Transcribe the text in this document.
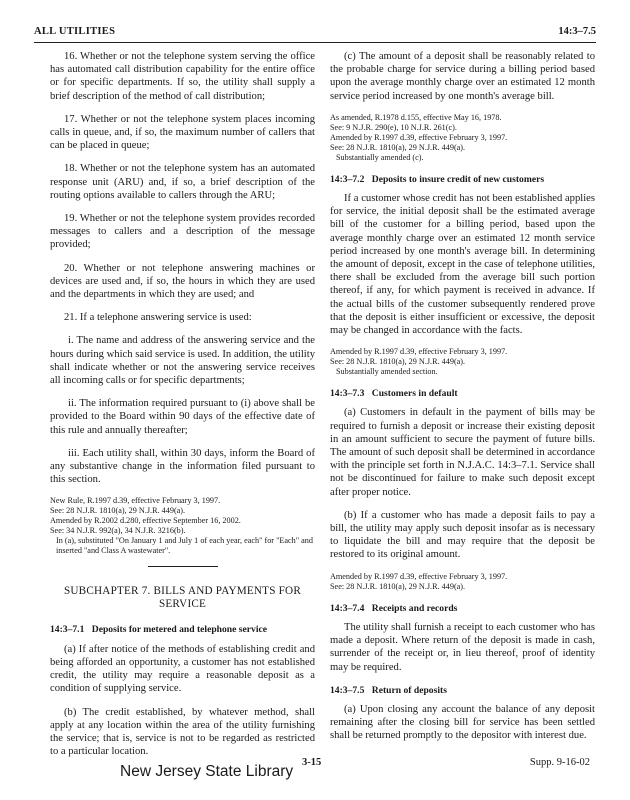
ALL UTILITIES	14:3–7.5

16. Whether or not the telephone system serving the office has automated call distribution capability for the entire office or for specific departments. If so, the utility shall supply a brief description of the method of call distribution;

17. Whether or not the telephone system places incoming calls in queue, and, if so, the maximum number of callers that can be placed in queue;

18. Whether or not the telephone system has an automated response unit (ARU) and, if so, a brief description of the routing options available to callers through the ARU;

19. Whether or not the telephone system provides recorded messages to callers and a description of the message provided;

20. Whether or not telephone answering machines or devices are used and, if so, the hours in which they are used and the departments in which they are used; and

21. If a telephone answering service is used:

i. The name and address of the answering service and the hours during which said service is used. In addition, the utility shall indicate whether or not the answering service receives all incoming calls or for specific departments;

ii. The information required pursuant to (i) above shall be provided to the Board within 90 days of the effective date of this rule and annually thereafter;

iii. Each utility shall, within 30 days, inform the Board of any substantive change in the information filed pursuant to this section.

New Rule, R.1997 d.39, effective February 3, 1997.
See: 28 N.J.R. 1810(a), 29 N.J.R. 449(a).
Amended by R.2002 d.280, effective September 16, 2002.
See: 34 N.J.R. 992(a), 34 N.J.R. 3216(b).
In (a), substituted "On January 1 and July 1 of each year, each" for "Each" and inserted "and Class A wastewater".
SUBCHAPTER 7. BILLS AND PAYMENTS FOR SERVICE
14:3–7.1 Deposits for metered and telephone service

(a) If after notice of the methods of establishing credit and being afforded an opportunity, a customer has not established credit, the utility may require a reasonable deposit as a condition of supplying service.

(b) The credit established, by whatever method, shall apply at any location within the area of the utility furnishing the service; that is, service is not to be regarded as restricted to a particular location.

(c) The amount of a deposit shall be reasonably related to the probable charge for service during a billing period based upon the average monthly charge over an estimated 12 month service period increased by one month's average bill.

As amended, R.1978 d.155, effective May 16, 1978.
See: 9 N.J.R. 290(e), 10 N.J.R. 261(c).
Amended by R.1997 d.39, effective February 3, 1997.
See: 28 N.J.R. 1810(a), 29 N.J.R. 449(a).
Substantially amended (c).
14:3–7.2 Deposits to insure credit of new customers

If a customer whose credit has not been established applies for service, the initial deposit shall be the estimated average bill of the customer for a billing period, based upon the average monthly charge over an estimated 12 month service period increased by one month's average bill. In determining the amount of deposit, except in the case of telephone utilities, there shall be excluded from the average bill such portion thereof, if any, for which payment is received in advance. If the actual bills of the customer subsequently rendered prove that the deposit is either insufficient or excessive, the deposit may be changed in accordance with the facts.

Amended by R.1997 d.39, effective February 3, 1997.
See: 28 N.J.R. 1810(a), 29 N.J.R. 449(a).
Substantially amended section.
14:3–7.3 Customers in default

(a) Customers in default in the payment of bills may be required to furnish a deposit or increase their existing deposit in an amount sufficient to secure the payment of future bills. The amount of such deposit shall be determined in accordance with the principle set forth in N.J.A.C. 14:3–7.1. Service shall not be discontinued for failure to make such deposit except after proper notice.

(b) If a customer who has made a deposit fails to pay a bill, the utility may apply such deposit insofar as is necessary to liquidate the bill and may require that the deposit be restored to its original amount.

Amended by R.1997 d.39, effective February 3, 1997.
See: 28 N.J.R. 1810(a), 29 N.J.R. 449(a).
14:3–7.4 Receipts and records

The utility shall furnish a receipt to each customer who has made a deposit. Where return of the deposit is made in cash, surrender of the receipt or, in lieu thereof, proof of identity may be required.

14:3–7.5 Return of deposits

(a) Upon closing any account the balance of any deposit remaining after the closing bill for service has been settled shall be returned promptly to the depositor with interest due.

New Jersey State Library
3-15	Supp. 9-16-02
